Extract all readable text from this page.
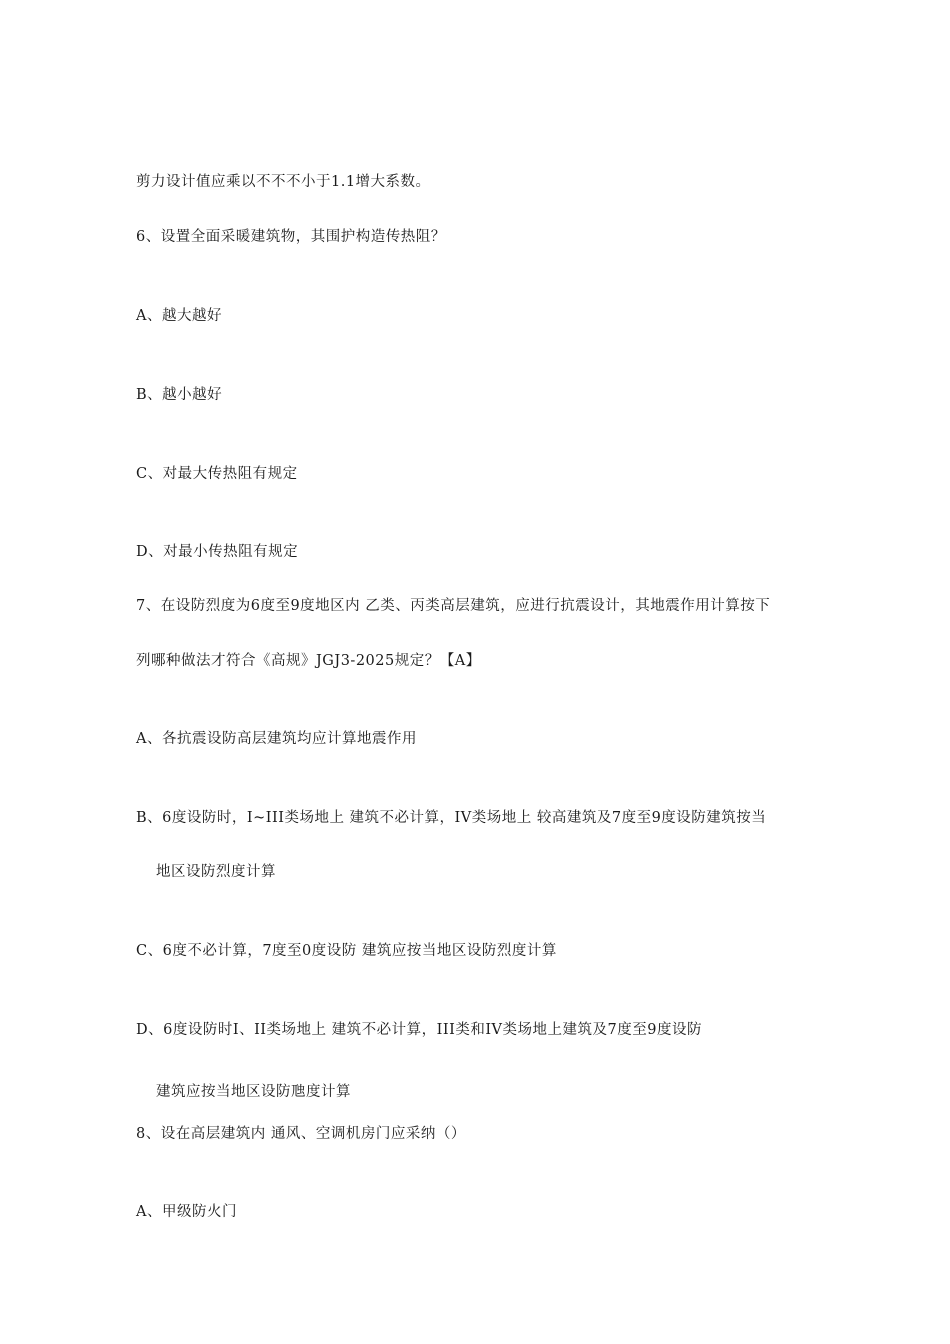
剪力设计值应乘以不不不小于1.1增大系数。

6、设置全面采暖建筑物，其围护构造传热阻？

A、越大越好

B、越小越好

C、对最大传热阻有规定

D、对最小传热阻有规定

7、在设防烈度为6度至9度地区内 乙类、丙类高层建筑，应进行抗震设计，其地震作用计算按下

列哪种做法才符合《高规》JGJ3-2025规定？【A】

A、各抗震设防高层建筑均应计算地震作用

B、6度设防时，I~III类场地上 建筑不必计算，IV类场地上 较高建筑及7度至9度设防建筑按当

地区设防烈度计算

C、6度不必计算，7度至0度设防 建筑应按当地区设防烈度计算

D、6度设防时I、II类场地上 建筑不必计算，III类和IV类场地上建筑及7度至9度设防

建筑应按当地区设防虺度计算

8、设在高层建筑内 通风、空调机房门应采纳（）

A、甲级防火门
